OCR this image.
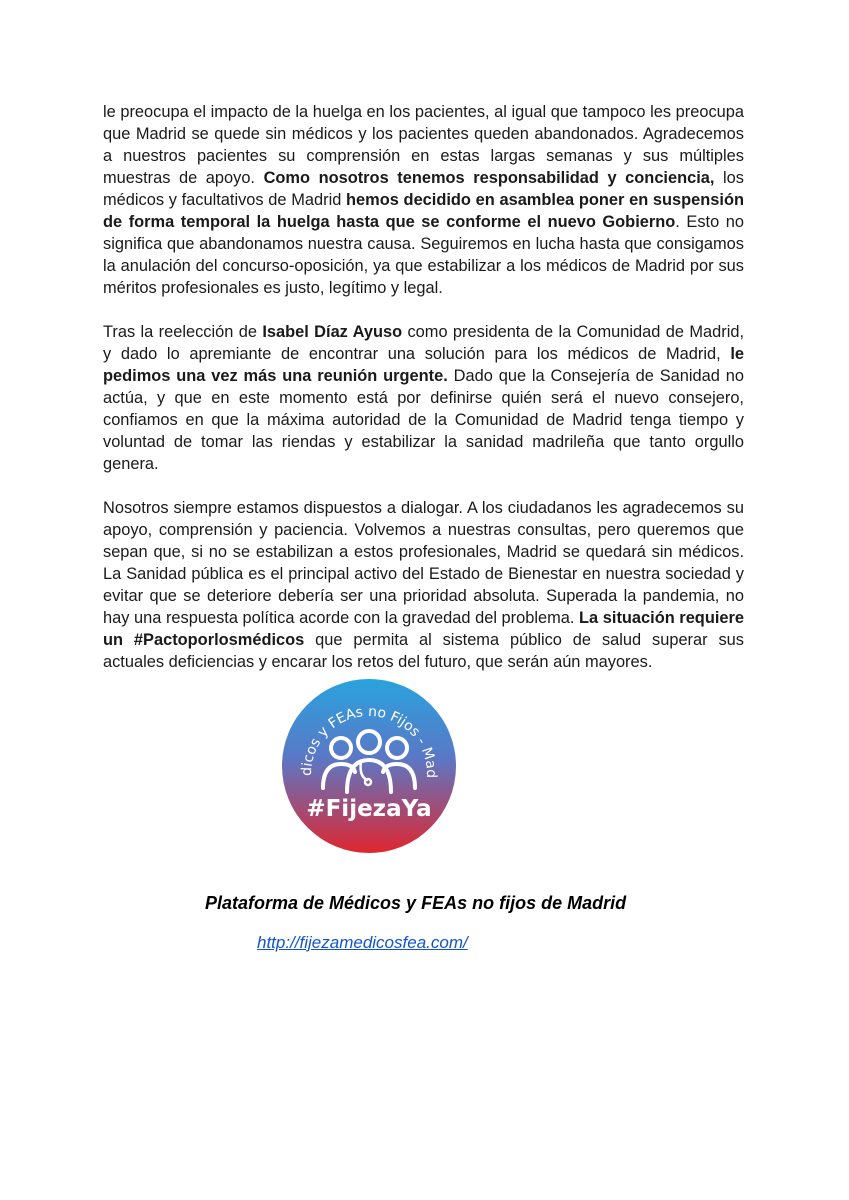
le preocupa el impacto de la huelga en los pacientes, al igual que tampoco les preocupa que Madrid se quede sin médicos y los pacientes queden abandonados. Agradecemos a nuestros pacientes su comprensión en estas largas semanas y sus múltiples muestras de apoyo. Como nosotros tenemos responsabilidad y conciencia, los médicos y facultativos de Madrid hemos decidido en asamblea poner en suspensión de forma temporal la huelga hasta que se conforme el nuevo Gobierno. Esto no significa que abandonamos nuestra causa. Seguiremos en lucha hasta que consigamos la anulación del concurso-oposición, ya que estabilizar a los médicos de Madrid por sus méritos profesionales es justo, legítimo y legal.

Tras la reelección de Isabel Díaz Ayuso como presidenta de la Comunidad de Madrid, y dado lo apremiante de encontrar una solución para los médicos de Madrid, le pedimos una vez más una reunión urgente. Dado que la Consejería de Sanidad no actúa, y que en este momento está por definirse quién será el nuevo consejero, confiamos en que la máxima autoridad de la Comunidad de Madrid tenga tiempo y voluntad de tomar las riendas y estabilizar la sanidad madrileña que tanto orgullo genera.

Nosotros siempre estamos dispuestos a dialogar. A los ciudadanos les agradecemos su apoyo, comprensión y paciencia. Volvemos a nuestras consultas, pero queremos que sepan que, si no se estabilizan a estos profesionales, Madrid se quedará sin médicos. La Sanidad pública es el principal activo del Estado de Bienestar en nuestra sociedad y evitar que se deteriore debería ser una prioridad absoluta. Superada la pandemia, no hay una respuesta política acorde con la gravedad del problema. La situación requiere un #Pactoporlosmédicos que permita al sistema público de salud superar sus actuales deficiencias y encarar los retos del futuro, que serán aún mayores.

dicos y FEAs no Fijos - Mad
#FijezaYa
Plataforma de Médicos y FEAs no fijos de Madrid
http://fijezamedicosfea.com/
